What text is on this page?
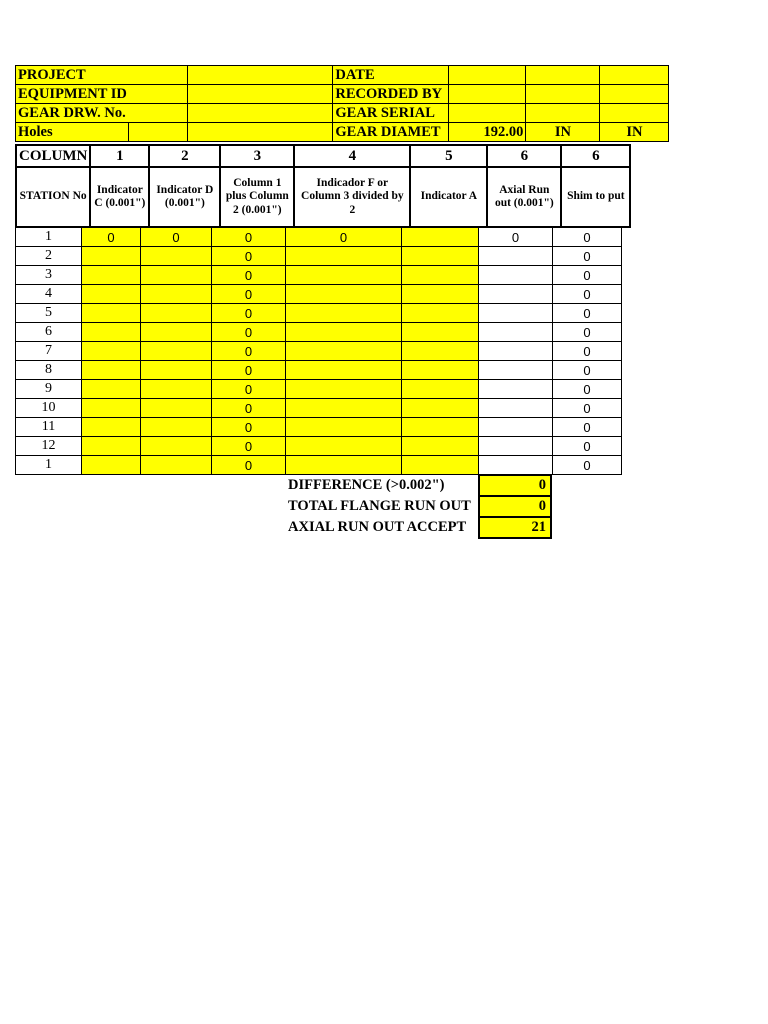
PROJECT			DATE			
EQUIPMENT ID			RECORDED BY			
GEAR DRW. No.			GEAR SERIAL			
Holes			GEAR DIAMET	192.00	IN	IN
COLUMN	1	2	3	4	5	6	6
STATION No	Indicator C (0.001")	Indicator D (0.001")	Column 1 plus Column 2 (0.001")	Indicador F or Column 3 divided by 2	Indicator A	Axial Run out (0.001")	Shim to put
1	0	0	0	0		0	0
2			0				0
3			0				0
4			0				0
5			0				0
6			0				0
7			0				0
8			0				0
9			0				0
10			0				0
11			0				0
12			0				0
1			0				0
DIFFERENCE (>0.002")	0
TOTAL FLANGE RUN OUT	0
AXIAL RUN OUT ACCEPT	21
